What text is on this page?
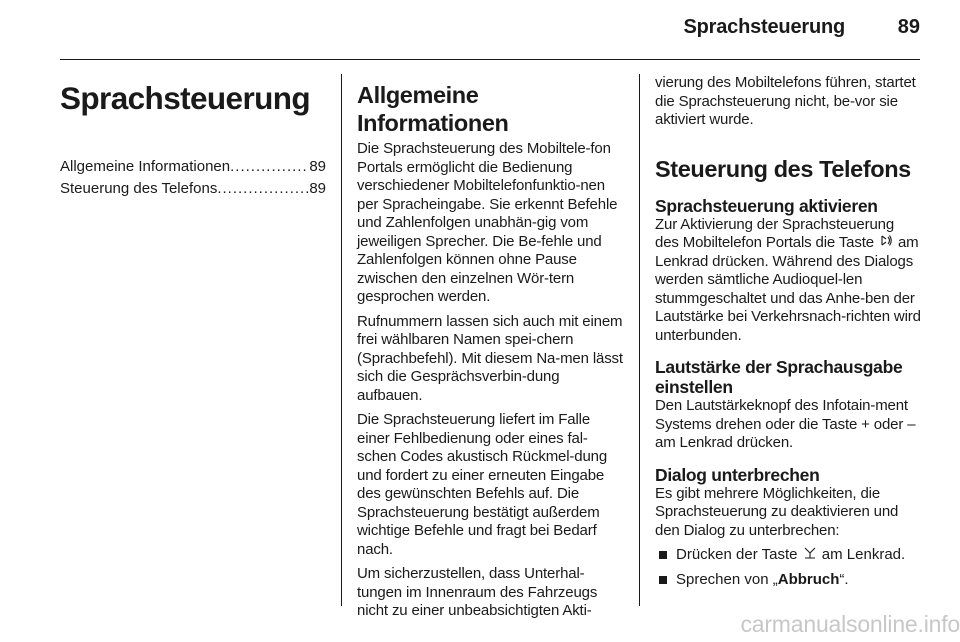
Sprachsteuerung	89
Sprachsteuerung
Allgemeine Informationen .....	89
Steuerung des Telefons .....	89
Allgemeine Informationen

Die Sprachsteuerung des Mobiltele-fon Portals ermöglicht die Bedienung verschiedener Mobiltelefonfunktio-nen per Spracheingabe. Sie erkennt Befehle und Zahlenfolgen unabhän-gig vom jeweiligen Sprecher. Die Be-fehle und Zahlenfolgen können ohne Pause zwischen den einzelnen Wör-tern gesprochen werden.

Rufnummern lassen sich auch mit einem frei wählbaren Namen spei-chern (Sprachbefehl). Mit diesem Na-men lässt sich die Gesprächsverbin-dung aufbauen.

Die Sprachsteuerung liefert im Falle einer Fehlbedienung oder eines fal-schen Codes akustisch Rückmel-dung und fordert zu einer erneuten Eingabe des gewünschten Befehls auf. Die Sprachsteuerung bestätigt außerdem wichtige Befehle und fragt bei Bedarf nach.

Um sicherzustellen, dass Unterhal-tungen im Innenraum des Fahrzeugs nicht zu einer unbeabsichtigten Akti-

vierung des Mobiltelefons führen, startet die Sprachsteuerung nicht, be-vor sie aktiviert wurde.

Steuerung des Telefons
Sprachsteuerung aktivieren

Zur Aktivierung der Sprachsteuerung des Mobiltelefon Portals die Taste am Lenkrad drücken. Während des Dialogs werden sämtliche Audioquel-len stummgeschaltet und das Anhe-ben der Lautstärke bei Verkehrsnach-richten wird unterbunden.

Lautstärke der Sprachausgabe einstellen

Den Lautstärkeknopf des Infotain-ment Systems drehen oder die Taste + oder – am Lenkrad drücken.

Dialog unterbrechen

Es gibt mehrere Möglichkeiten, die Sprachsteuerung zu deaktivieren und den Dialog zu unterbrechen:

Drücken der Taste am Lenkrad.
Sprechen von „Abbruch“.
carmanualsonline.info
